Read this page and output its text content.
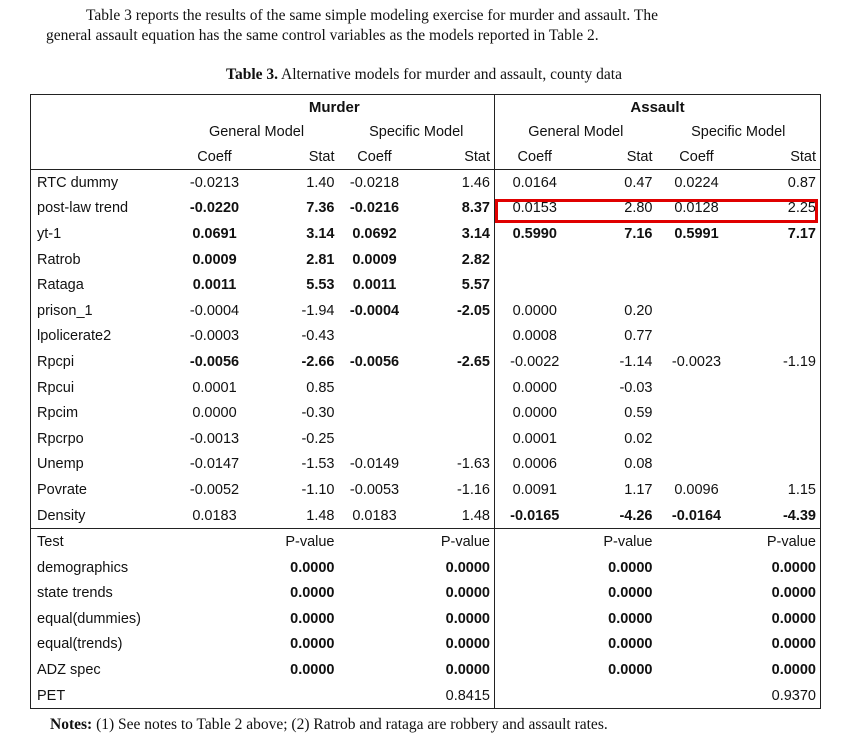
Table 3 reports the results of the same simple modeling exercise for murder and assault. The

general assault equation has the same control variables as the models reported in Table 2.
Table 3. Alternative models for murder and assault, county data
	Murder				Assault			
	General Model		Specific Model		General Model		Specific Model	
	Coeff	Stat	Coeff	Stat	Coeff	Stat	Coeff	Stat
RTC dummy	-0.0213	1.40	-0.0218	1.46	0.0164	0.47	0.0224	0.87
post-law trend	-0.0220	7.36	-0.0216	8.37	0.0153	2.80	0.0128	2.25
yt-1	0.0691	3.14	0.0692	3.14	0.5990	7.16	0.5991	7.17
Ratrob	0.0009	2.81	0.0009	2.82				
Rataga	0.0011	5.53	0.0011	5.57				
prison_1	-0.0004	-1.94	-0.0004	-2.05	0.0000	0.20		
lpolicerate2	-0.0003	-0.43			0.0008	0.77		
Rpcpi	-0.0056	-2.66	-0.0056	-2.65	-0.0022	-1.14	-0.0023	-1.19
Rpcui	0.0001	0.85			0.0000	-0.03		
Rpcim	0.0000	-0.30			0.0000	0.59		
Rpcrpo	-0.0013	-0.25			0.0001	0.02		
Unemp	-0.0147	-1.53	-0.0149	-1.63	0.0006	0.08		
Povrate	-0.0052	-1.10	-0.0053	-1.16	0.0091	1.17	0.0096	1.15
Density	0.0183	1.48	0.0183	1.48	-0.0165	-4.26	-0.0164	-4.39
Test		P-value		P-value		P-value		P-value
demographics		0.0000		0.0000		0.0000		0.0000
state trends		0.0000		0.0000		0.0000		0.0000
equal(dummies)		0.0000		0.0000		0.0000		0.0000
equal(trends)		0.0000		0.0000		0.0000		0.0000
ADZ spec		0.0000		0.0000		0.0000		0.0000
PET				0.8415				0.9370
Notes: (1) See notes to Table 2 above; (2) Ratrob and rataga are robbery and assault rates.
